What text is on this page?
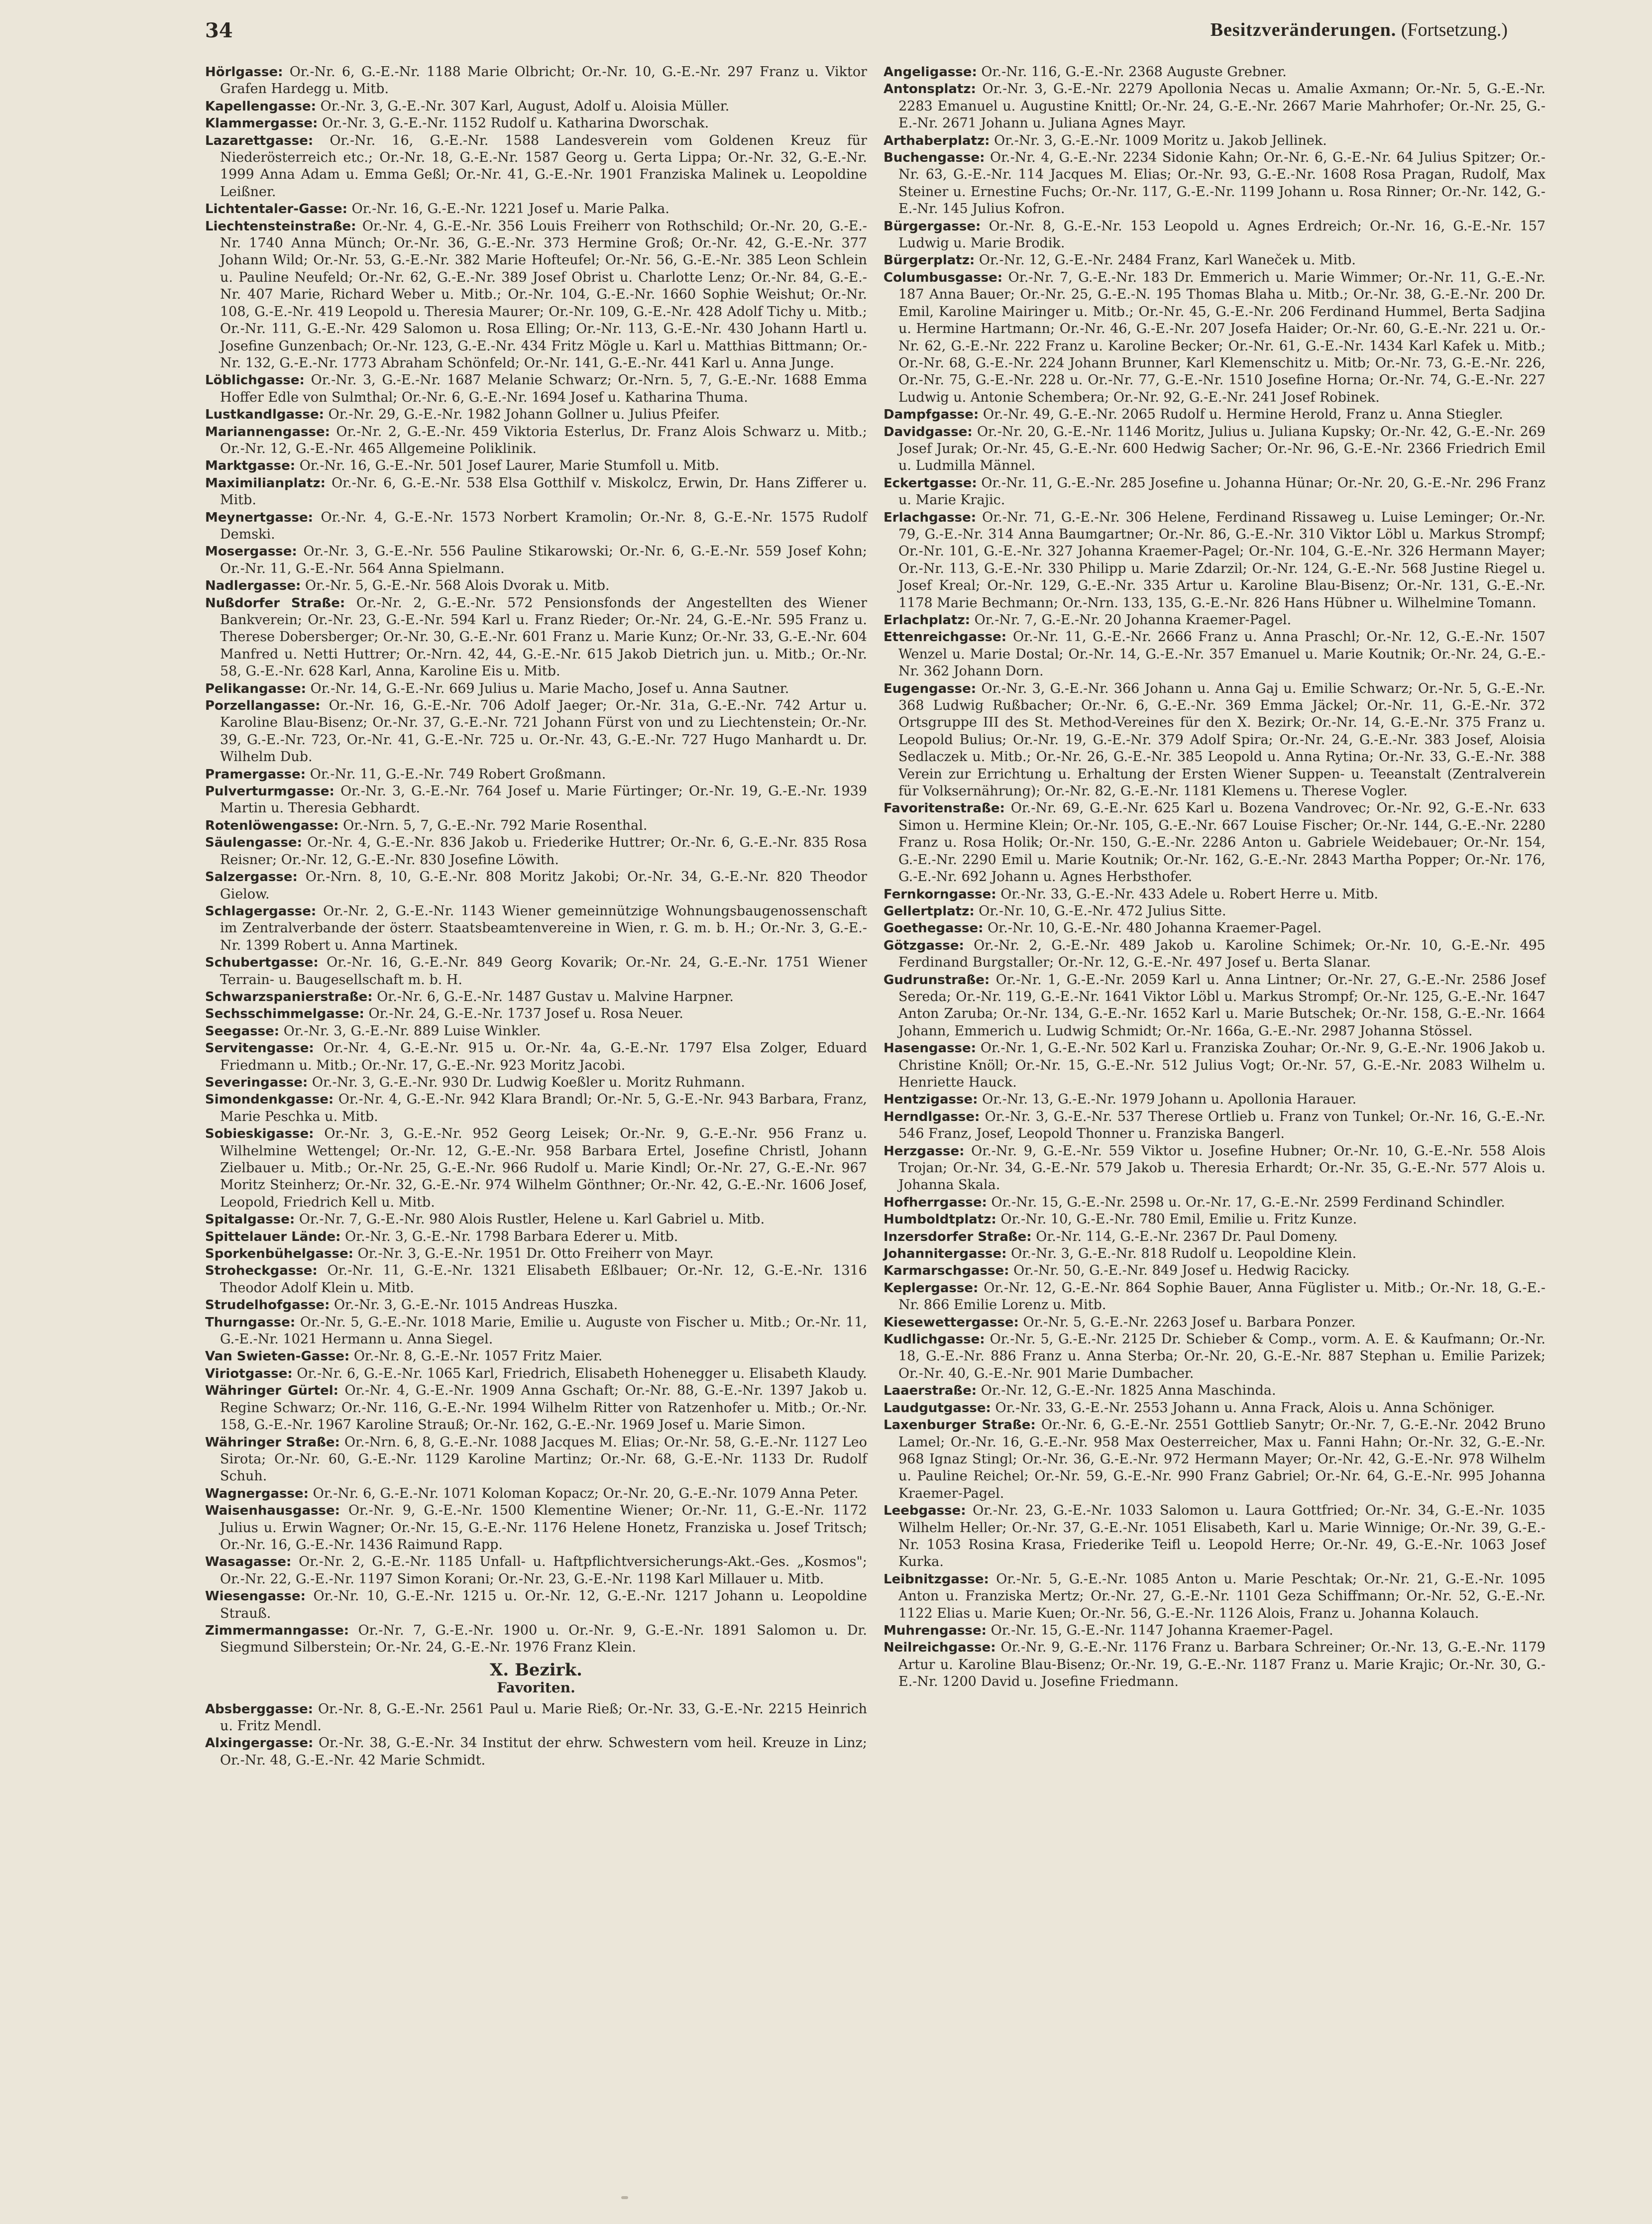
34	Besitzveränderungen. (Fortsetzung.)

Hörlgasse: Or.-Nr. 6, G.-E.-Nr. 1188 Marie Olbricht; Or.-Nr. 10, G.-E.-Nr. 297 Franz u. Viktor Grafen Hardegg u. Mitb.

Kapellengasse: Or.-Nr. 3, G.-E.-Nr. 307 Karl, August, Adolf u. Aloisia Müller.

Klammergasse: Or.-Nr. 3, G.-E.-Nr. 1152 Rudolf u. Katharina Dworschak.

Lazarettgasse: Or.-Nr. 16, G.-E.-Nr. 1588 Landesverein vom Goldenen Kreuz für Niederösterreich etc.; Or.-Nr. 18, G.-E.-Nr. 1587 Georg u. Gerta Lippa; Or.-Nr. 32, G.-E.-Nr. 1999 Anna Adam u. Emma Geßl; Or.-Nr. 41, G.-E.-Nr. 1901 Franziska Malinek u. Leopoldine Leißner.

Lichtentaler-Gasse: Or.-Nr. 16, G.-E.-Nr. 1221 Josef u. Marie Palka.

Liechtensteinstraße: Or.-Nr. 4, G.-E.-Nr. 356 Louis Freiherr von Rothschild; Or.-Nr. 20, G.-E.-Nr. 1740 Anna Münch; Or.-Nr. 36, G.-E.-Nr. 373 Hermine Groß; Or.-Nr. 42, G.-E.-Nr. 377 Johann Wild; Or.-Nr. 53, G.-E.-Nr. 382 Marie Hofteufel; Or.-Nr. 56, G.-E.-Nr. 385 Leon Schlein u. Pauline Neufeld; Or.-Nr. 62, G.-E.-Nr. 389 Josef Obrist u. Charlotte Lenz; Or.-Nr. 84, G.-E.-Nr. 407 Marie, Richard Weber u. Mitb.; Or.-Nr. 104, G.-E.-Nr. 1660 Sophie Weishut; Or.-Nr. 108, G.-E.-Nr. 419 Leopold u. Theresia Maurer; Or.-Nr. 109, G.-E.-Nr. 428 Adolf Tichy u. Mitb.; Or.-Nr. 111, G.-E.-Nr. 429 Salomon u. Rosa Elling; Or.-Nr. 113, G.-E.-Nr. 430 Johann Hartl u. Josefine Gunzenbach; Or.-Nr. 123, G.-E.-Nr. 434 Fritz Mögle u. Karl u. Matthias Bittmann; Or.-Nr. 132, G.-E.-Nr. 1773 Abraham Schönfeld; Or.-Nr. 141, G.-E.-Nr. 441 Karl u. Anna Junge.

Löblichgasse: Or.-Nr. 3, G.-E.-Nr. 1687 Melanie Schwarz; Or.-Nrn. 5, 7, G.-E.-Nr. 1688 Emma Hoffer Edle von Sulmthal; Or.-Nr. 6, G.-E.-Nr. 1694 Josef u. Katharina Thuma.

Lustkandlgasse: Or.-Nr. 29, G.-E.-Nr. 1982 Johann Gollner u. Julius Pfeifer.

Mariannengasse: Or.-Nr. 2, G.-E.-Nr. 459 Viktoria Esterlus, Dr. Franz Alois Schwarz u. Mitb.; Or.-Nr. 12, G.-E.-Nr. 465 Allgemeine Poliklinik.

Marktgasse: Or.-Nr. 16, G.-E.-Nr. 501 Josef Laurer, Marie Stumfoll u. Mitb.

Maximilianplatz: Or.-Nr. 6, G.-E.-Nr. 538 Elsa Gotthilf v. Miskolcz, Erwin, Dr. Hans Zifferer u. Mitb.

Meynertgasse: Or.-Nr. 4, G.-E.-Nr. 1573 Norbert Kramolin; Or.-Nr. 8, G.-E.-Nr. 1575 Rudolf Demski.

Mosergasse: Or.-Nr. 3, G.-E.-Nr. 556 Pauline Stikarowski; Or.-Nr. 6, G.-E.-Nr. 559 Josef Kohn; Or.-Nr. 11, G.-E.-Nr. 564 Anna Spielmann.

Nadlergasse: Or.-Nr. 5, G.-E.-Nr. 568 Alois Dvorak u. Mitb.

Nußdorfer Straße: Or.-Nr. 2, G.-E.-Nr. 572 Pensionsfonds der Angestellten des Wiener Bankverein; Or.-Nr. 23, G.-E.-Nr. 594 Karl u. Franz Rieder; Or.-Nr. 24, G.-E.-Nr. 595 Franz u. Therese Dobersberger; Or.-Nr. 30, G.-E.-Nr. 601 Franz u. Marie Kunz; Or.-Nr. 33, G.-E.-Nr. 604 Manfred u. Netti Huttrer; Or.-Nrn. 42, 44, G.-E.-Nr. 615 Jakob Dietrich jun. u. Mitb.; Or.-Nr. 58, G.-E.-Nr. 628 Karl, Anna, Karoline Eis u. Mitb.

Pelikangasse: Or.-Nr. 14, G.-E.-Nr. 669 Julius u. Marie Macho, Josef u. Anna Sautner.

Porzellangasse: Or.-Nr. 16, G.-E.-Nr. 706 Adolf Jaeger; Or.-Nr. 31a, G.-E.-Nr. 742 Artur u. Karoline Blau-Bisenz; Or.-Nr. 37, G.-E.-Nr. 721 Johann Fürst von und zu Liechtenstein; Or.-Nr. 39, G.-E.-Nr. 723, Or.-Nr. 41, G.-E.-Nr. 725 u. Or.-Nr. 43, G.-E.-Nr. 727 Hugo Manhardt u. Dr. Wilhelm Dub.

Pramergasse: Or.-Nr. 11, G.-E.-Nr. 749 Robert Großmann.

Pulverturmgasse: Or.-Nr. 3, G.-E.-Nr. 764 Josef u. Marie Fürtinger; Or.-Nr. 19, G.-E.-Nr. 1939 Martin u. Theresia Gebhardt.

Rotenlöwengasse: Or.-Nrn. 5, 7, G.-E.-Nr. 792 Marie Rosenthal.

Säulengasse: Or.-Nr. 4, G.-E.-Nr. 836 Jakob u. Friederike Huttrer; Or.-Nr. 6, G.-E.-Nr. 835 Rosa Reisner; Or.-Nr. 12, G.-E.-Nr. 830 Josefine Löwith.

Salzergasse: Or.-Nrn. 8, 10, G.-E.-Nr. 808 Moritz Jakobi; Or.-Nr. 34, G.-E.-Nr. 820 Theodor Gielow.

Schlagergasse: Or.-Nr. 2, G.-E.-Nr. 1143 Wiener gemeinnützige Wohnungsbaugenossenschaft im Zentralverbande der österr. Staatsbeamtenvereine in Wien, r. G. m. b. H.; Or.-Nr. 3, G.-E.-Nr. 1399 Robert u. Anna Martinek.

Schubertgasse: Or.-Nr. 16, G.-E.-Nr. 849 Georg Kovarik; Or.-Nr. 24, G.-E.-Nr. 1751 Wiener Terrain- u. Baugesellschaft m. b. H.

Schwarzspanierstraße: Or.-Nr. 6, G.-E.-Nr. 1487 Gustav u. Malvine Harpner.

Sechsschimmelgasse: Or.-Nr. 24, G.-E.-Nr. 1737 Josef u. Rosa Neuer.

Seegasse: Or.-Nr. 3, G.-E.-Nr. 889 Luise Winkler.

Servitengasse: Or.-Nr. 4, G.-E.-Nr. 915 u. Or.-Nr. 4a, G.-E.-Nr. 1797 Elsa Zolger, Eduard Friedmann u. Mitb.; Or.-Nr. 17, G.-E.-Nr. 923 Moritz Jacobi.

Severingasse: Or.-Nr. 3, G.-E.-Nr. 930 Dr. Ludwig Koeßler u. Moritz Ruhmann.

Simondenkgasse: Or.-Nr. 4, G.-E.-Nr. 942 Klara Brandl; Or.-Nr. 5, G.-E.-Nr. 943 Barbara, Franz, Marie Peschka u. Mitb.

Sobieskigasse: Or.-Nr. 3, G.-E.-Nr. 952 Georg Leisek; Or.-Nr. 9, G.-E.-Nr. 956 Franz u. Wilhelmine Wettengel; Or.-Nr. 12, G.-E.-Nr. 958 Barbara Ertel, Josefine Christl, Johann Zielbauer u. Mitb.; Or.-Nr. 25, G.-E.-Nr. 966 Rudolf u. Marie Kindl; Or.-Nr. 27, G.-E.-Nr. 967 Moritz Steinherz; Or.-Nr. 32, G.-E.-Nr. 974 Wilhelm Gönthner; Or.-Nr. 42, G.-E.-Nr. 1606 Josef, Leopold, Friedrich Kell u. Mitb.

Spitalgasse: Or.-Nr. 7, G.-E.-Nr. 980 Alois Rustler, Helene u. Karl Gabriel u. Mitb.

Spittelauer Lände: Or.-Nr. 3, G.-E.-Nr. 1798 Barbara Ederer u. Mitb.

Sporkenbühelgasse: Or.-Nr. 3, G.-E.-Nr. 1951 Dr. Otto Freiherr von Mayr.

Stroheckgasse: Or.-Nr. 11, G.-E.-Nr. 1321 Elisabeth Eßlbauer; Or.-Nr. 12, G.-E.-Nr. 1316 Theodor Adolf Klein u. Mitb.

Strudelhofgasse: Or.-Nr. 3, G.-E.-Nr. 1015 Andreas Huszka.

Thurngasse: Or.-Nr. 5, G.-E.-Nr. 1018 Marie, Emilie u. Auguste von Fischer u. Mitb.; Or.-Nr. 11, G.-E.-Nr. 1021 Hermann u. Anna Siegel.

Van Swieten-Gasse: Or.-Nr. 8, G.-E.-Nr. 1057 Fritz Maier.

Viriotgasse: Or.-Nr. 6, G.-E.-Nr. 1065 Karl, Friedrich, Elisabeth Hohenegger u. Elisabeth Klaudy.

Währinger Gürtel: Or.-Nr. 4, G.-E.-Nr. 1909 Anna Gschaft; Or.-Nr. 88, G.-E.-Nr. 1397 Jakob u. Regine Schwarz; Or.-Nr. 116, G.-E.-Nr. 1994 Wilhelm Ritter von Ratzenhofer u. Mitb.; Or.-Nr. 158, G.-E.-Nr. 1967 Karoline Strauß; Or.-Nr. 162, G.-E.-Nr. 1969 Josef u. Marie Simon.

Währinger Straße: Or.-Nrn. 6, 8, G.-E.-Nr. 1088 Jacques M. Elias; Or.-Nr. 58, G.-E.-Nr. 1127 Leo Sirota; Or.-Nr. 60, G.-E.-Nr. 1129 Karoline Martinz; Or.-Nr. 68, G.-E.-Nr. 1133 Dr. Rudolf Schuh.

Wagnergasse: Or.-Nr. 6, G.-E.-Nr. 1071 Koloman Kopacz; Or.-Nr. 20, G.-E.-Nr. 1079 Anna Peter.

Waisenhausgasse: Or.-Nr. 9, G.-E.-Nr. 1500 Klementine Wiener; Or.-Nr. 11, G.-E.-Nr. 1172 Julius u. Erwin Wagner; Or.-Nr. 15, G.-E.-Nr. 1176 Helene Honetz, Franziska u. Josef Tritsch; Or.-Nr. 16, G.-E.-Nr. 1436 Raimund Rapp.

Wasagasse: Or.-Nr. 2, G.-E.-Nr. 1185 Unfall- u. Haftpflichtversicherungs-Akt.-Ges. „Kosmos"; Or.-Nr. 22, G.-E.-Nr. 1197 Simon Korani; Or.-Nr. 23, G.-E.-Nr. 1198 Karl Millauer u. Mitb.

Wiesengasse: Or.-Nr. 10, G.-E.-Nr. 1215 u. Or.-Nr. 12, G.-E.-Nr. 1217 Johann u. Leopoldine Strauß.

Zimmermanngasse: Or.-Nr. 7, G.-E.-Nr. 1900 u. Or.-Nr. 9, G.-E.-Nr. 1891 Salomon u. Dr. Siegmund Silberstein; Or.-Nr. 24, G.-E.-Nr. 1976 Franz Klein.

X. Bezirk.
Favoriten.

Absberggasse: Or.-Nr. 8, G.-E.-Nr. 2561 Paul u. Marie Rieß; Or.-Nr. 33, G.-E.-Nr. 2215 Heinrich u. Fritz Mendl.

Alxingergasse: Or.-Nr. 38, G.-E.-Nr. 34 Institut der ehrw. Schwestern vom heil. Kreuze in Linz; Or.-Nr. 48, G.-E.-Nr. 42 Marie Schmidt.

Angeligasse: Or.-Nr. 116, G.-E.-Nr. 2368 Auguste Grebner.

Antonsplatz: Or.-Nr. 3, G.-E.-Nr. 2279 Apollonia Necas u. Amalie Axmann; Or.-Nr. 5, G.-E.-Nr. 2283 Emanuel u. Augustine Knittl; Or.-Nr. 24, G.-E.-Nr. 2667 Marie Mahrhofer; Or.-Nr. 25, G.-E.-Nr. 2671 Johann u. Juliana Agnes Mayr.

Arthaberplatz: Or.-Nr. 3, G.-E.-Nr. 1009 Moritz u. Jakob Jellinek.

Buchengasse: Or.-Nr. 4, G.-E.-Nr. 2234 Sidonie Kahn; Or.-Nr. 6, G.-E.-Nr. 64 Julius Spitzer; Or.-Nr. 63, G.-E.-Nr. 114 Jacques M. Elias; Or.-Nr. 93, G.-E.-Nr. 1608 Rosa Pragan, Rudolf, Max Steiner u. Ernestine Fuchs; Or.-Nr. 117, G.-E.-Nr. 1199 Johann u. Rosa Rinner; Or.-Nr. 142, G.-E.-Nr. 145 Julius Kofron.

Bürgergasse: Or.-Nr. 8, G.-E.-Nr. 153 Leopold u. Agnes Erdreich; Or.-Nr. 16, G.-E.-Nr. 157 Ludwig u. Marie Brodik.

Bürgerplatz: Or.-Nr. 12, G.-E.-Nr. 2484 Franz, Karl Waneček u. Mitb.

Columbusgasse: Or.-Nr. 7, G.-E.-Nr. 183 Dr. Emmerich u. Marie Wimmer; Or.-Nr. 11, G.-E.-Nr. 187 Anna Bauer; Or.-Nr. 25, G.-E.-N. 195 Thomas Blaha u. Mitb.; Or.-Nr. 38, G.-E.-Nr. 200 Dr. Emil, Karoline Mairinger u. Mitb.; Or.-Nr. 45, G.-E.-Nr. 206 Ferdinand Hummel, Berta Sadjina u. Hermine Hartmann; Or.-Nr. 46, G.-E.-Nr. 207 Josefa Haider; Or.-Nr. 60, G.-E.-Nr. 221 u. Or.-Nr. 62, G.-E.-Nr. 222 Franz u. Karoline Becker; Or.-Nr. 61, G.-E.-Nr. 1434 Karl Kafek u. Mitb.; Or.-Nr. 68, G.-E.-Nr. 224 Johann Brunner, Karl Klemenschitz u. Mitb; Or.-Nr. 73, G.-E.-Nr. 226, Or.-Nr. 75, G.-E.-Nr. 228 u. Or.-Nr. 77, G.-E.-Nr. 1510 Josefine Horna; Or.-Nr. 74, G.-E.-Nr. 227 Ludwig u. Antonie Schembera; Or.-Nr. 92, G.-E.-Nr. 241 Josef Robinek.

Dampfgasse: Or.-Nr. 49, G.-E.-Nr. 2065 Rudolf u. Hermine Herold, Franz u. Anna Stiegler.

Davidgasse: Or.-Nr. 20, G.-E.-Nr. 1146 Moritz, Julius u. Juliana Kupsky; Or.-Nr. 42, G.-E.-Nr. 269 Josef Jurak; Or.-Nr. 45, G.-E.-Nr. 600 Hedwig Sacher; Or.-Nr. 96, G.-E.-Nr. 2366 Friedrich Emil u. Ludmilla Männel.

Eckertgasse: Or.-Nr. 11, G.-E.-Nr. 285 Josefine u. Johanna Hünar; Or.-Nr. 20, G.-E.-Nr. 296 Franz u. Marie Krajic.

Erlachgasse: Or.-Nr. 71, G.-E.-Nr. 306 Helene, Ferdinand Rissaweg u. Luise Leminger; Or.-Nr. 79, G.-E.-Nr. 314 Anna Baumgartner; Or.-Nr. 86, G.-E.-Nr. 310 Viktor Löbl u. Markus Strompf; Or.-Nr. 101, G.-E.-Nr. 327 Johanna Kraemer-Pagel; Or.-Nr. 104, G.-E.-Nr. 326 Hermann Mayer; Or.-Nr. 113, G.-E.-Nr. 330 Philipp u. Marie Zdarzil; Or.-Nr. 124, G.-E.-Nr. 568 Justine Riegel u. Josef Kreal; Or.-Nr. 129, G.-E.-Nr. 335 Artur u. Karoline Blau-Bisenz; Or.-Nr. 131, G.-E.-Nr. 1178 Marie Bechmann; Or.-Nrn. 133, 135, G.-E.-Nr. 826 Hans Hübner u. Wilhelmine Tomann.

Erlachplatz: Or.-Nr. 7, G.-E.-Nr. 20 Johanna Kraemer-Pagel.

Ettenreichgasse: Or.-Nr. 11, G.-E.-Nr. 2666 Franz u. Anna Praschl; Or.-Nr. 12, G.-E.-Nr. 1507 Wenzel u. Marie Dostal; Or.-Nr. 14, G.-E.-Nr. 357 Emanuel u. Marie Koutnik; Or.-Nr. 24, G.-E.-Nr. 362 Johann Dorn.

Eugengasse: Or.-Nr. 3, G.-E.-Nr. 366 Johann u. Anna Gaj u. Emilie Schwarz; Or.-Nr. 5, G.-E.-Nr. 368 Ludwig Rußbacher; Or.-Nr. 6, G.-E.-Nr. 369 Emma Jäckel; Or.-Nr. 11, G.-E.-Nr. 372 Ortsgruppe III des St. Method-Vereines für den X. Bezirk; Or.-Nr. 14, G.-E.-Nr. 375 Franz u. Leopold Bulius; Or.-Nr. 19, G.-E.-Nr. 379 Adolf Spira; Or.-Nr. 24, G.-E.-Nr. 383 Josef, Aloisia Sedlaczek u. Mitb.; Or.-Nr. 26, G.-E.-Nr. 385 Leopold u. Anna Rytina; Or.-Nr. 33, G.-E.-Nr. 388 Verein zur Errichtung u. Erhaltung der Ersten Wiener Suppen- u. Teeanstalt (Zentralverein für Volksernährung); Or.-Nr. 82, G.-E.-Nr. 1181 Klemens u. Therese Vogler.

Favoritenstraße: Or.-Nr. 69, G.-E.-Nr. 625 Karl u. Bozena Vandrovec; Or.-Nr. 92, G.-E.-Nr. 633 Simon u. Hermine Klein; Or.-Nr. 105, G.-E.-Nr. 667 Louise Fischer; Or.-Nr. 144, G.-E.-Nr. 2280 Franz u. Rosa Holik; Or.-Nr. 150, G.-E.-Nr. 2286 Anton u. Gabriele Weidebauer; Or.-Nr. 154, G.-E.-Nr. 2290 Emil u. Marie Koutnik; Or.-Nr. 162, G.-E.-Nr. 2843 Martha Popper; Or.-Nr. 176, G.-E.-Nr. 692 Johann u. Agnes Herbsthofer.

Fernkorngasse: Or.-Nr. 33, G.-E.-Nr. 433 Adele u. Robert Herre u. Mitb.

Gellertplatz: Or.-Nr. 10, G.-E.-Nr. 472 Julius Sitte.

Goethegasse: Or.-Nr. 10, G.-E.-Nr. 480 Johanna Kraemer-Pagel.

Götzgasse: Or.-Nr. 2, G.-E.-Nr. 489 Jakob u. Karoline Schimek; Or.-Nr. 10, G.-E.-Nr. 495 Ferdinand Burgstaller; Or.-Nr. 12, G.-E.-Nr. 497 Josef u. Berta Slanar.

Gudrunstraße: Or.-Nr. 1, G.-E.-Nr. 2059 Karl u. Anna Lintner; Or.-Nr. 27, G.-E.-Nr. 2586 Josef Sereda; Or.-Nr. 119, G.-E.-Nr. 1641 Viktor Löbl u. Markus Strompf; Or.-Nr. 125, G.-E.-Nr. 1647 Anton Zaruba; Or.-Nr. 134, G.-E.-Nr. 1652 Karl u. Marie Butschek; Or.-Nr. 158, G.-E.-Nr. 1664 Johann, Emmerich u. Ludwig Schmidt; Or.-Nr. 166a, G.-E.-Nr. 2987 Johanna Stössel.

Hasengasse: Or.-Nr. 1, G.-E.-Nr. 502 Karl u. Franziska Zouhar; Or.-Nr. 9, G.-E.-Nr. 1906 Jakob u. Christine Knöll; Or.-Nr. 15, G.-E.-Nr. 512 Julius Vogt; Or.-Nr. 57, G.-E.-Nr. 2083 Wilhelm u. Henriette Hauck.

Hentzigasse: Or.-Nr. 13, G.-E.-Nr. 1979 Johann u. Apollonia Harauer.

Herndlgasse: Or.-Nr. 3, G.-E.-Nr. 537 Therese Ortlieb u. Franz von Tunkel; Or.-Nr. 16, G.-E.-Nr. 546 Franz, Josef, Leopold Thonner u. Franziska Bangerl.

Herzgasse: Or.-Nr. 9, G.-E.-Nr. 559 Viktor u. Josefine Hubner; Or.-Nr. 10, G.-E.-Nr. 558 Alois Trojan; Or.-Nr. 34, G.-E.-Nr. 579 Jakob u. Theresia Erhardt; Or.-Nr. 35, G.-E.-Nr. 577 Alois u. Johanna Skala.

Hofherrgasse: Or.-Nr. 15, G.-E.-Nr. 2598 u. Or.-Nr. 17, G.-E.-Nr. 2599 Ferdinand Schindler.

Humboldtplatz: Or.-Nr. 10, G.-E.-Nr. 780 Emil, Emilie u. Fritz Kunze.

Inzersdorfer Straße: Or.-Nr. 114, G.-E.-Nr. 2367 Dr. Paul Domeny.

Johannitergasse: Or.-Nr. 3, G.-E.-Nr. 818 Rudolf u. Leopoldine Klein.

Karmarschgasse: Or.-Nr. 50, G.-E.-Nr. 849 Josef u. Hedwig Racicky.

Keplergasse: Or.-Nr. 12, G.-E.-Nr. 864 Sophie Bauer, Anna Füglister u. Mitb.; Or.-Nr. 18, G.-E.-Nr. 866 Emilie Lorenz u. Mitb.

Kiesewettergasse: Or.-Nr. 5, G.-E.-Nr. 2263 Josef u. Barbara Ponzer.

Kudlichgasse: Or.-Nr. 5, G.-E.-Nr. 2125 Dr. Schieber & Comp., vorm. A. E. & Kaufmann; Or.-Nr. 18, G.-E.-Nr. 886 Franz u. Anna Sterba; Or.-Nr. 20, G.-E.-Nr. 887 Stephan u. Emilie Parizek; Or.-Nr. 40, G.-E.-Nr. 901 Marie Dumbacher.

Laaerstraße: Or.-Nr. 12, G.-E.-Nr. 1825 Anna Maschinda.

Laudgutgasse: Or.-Nr. 33, G.-E.-Nr. 2553 Johann u. Anna Frack, Alois u. Anna Schöniger.

Laxenburger Straße: Or.-Nr. 6, G.-E.-Nr. 2551 Gottlieb Sanytr; Or.-Nr. 7, G.-E.-Nr. 2042 Bruno Lamel; Or.-Nr. 16, G.-E.-Nr. 958 Max Oesterreicher, Max u. Fanni Hahn; Or.-Nr. 32, G.-E.-Nr. 968 Ignaz Stingl; Or.-Nr. 36, G.-E.-Nr. 972 Hermann Mayer; Or.-Nr. 42, G.-E.-Nr. 978 Wilhelm u. Pauline Reichel; Or.-Nr. 59, G.-E.-Nr. 990 Franz Gabriel; Or.-Nr. 64, G.-E.-Nr. 995 Johanna Kraemer-Pagel.

Leebgasse: Or.-Nr. 23, G.-E.-Nr. 1033 Salomon u. Laura Gottfried; Or.-Nr. 34, G.-E.-Nr. 1035 Wilhelm Heller; Or.-Nr. 37, G.-E.-Nr. 1051 Elisabeth, Karl u. Marie Winnige; Or.-Nr. 39, G.-E.-Nr. 1053 Rosina Krasa, Friederike Teifl u. Leopold Herre; Or.-Nr. 49, G.-E.-Nr. 1063 Josef Kurka.

Leibnitzgasse: Or.-Nr. 5, G.-E.-Nr. 1085 Anton u. Marie Peschtak; Or.-Nr. 21, G.-E.-Nr. 1095 Anton u. Franziska Mertz; Or.-Nr. 27, G.-E.-Nr. 1101 Geza Schiffmann; Or.-Nr. 52, G.-E.-Nr. 1122 Elias u. Marie Kuen; Or.-Nr. 56, G.-E.-Nr. 1126 Alois, Franz u. Johanna Kolauch.

Muhrengasse: Or.-Nr. 15, G.-E.-Nr. 1147 Johanna Kraemer-Pagel.

Neilreichgasse: Or.-Nr. 9, G.-E.-Nr. 1176 Franz u. Barbara Schreiner; Or.-Nr. 13, G.-E.-Nr. 1179 Artur u. Karoline Blau-Bisenz; Or.-Nr. 19, G.-E.-Nr. 1187 Franz u. Marie Krajic; Or.-Nr. 30, G.-E.-Nr. 1200 David u. Josefine Friedmann.
